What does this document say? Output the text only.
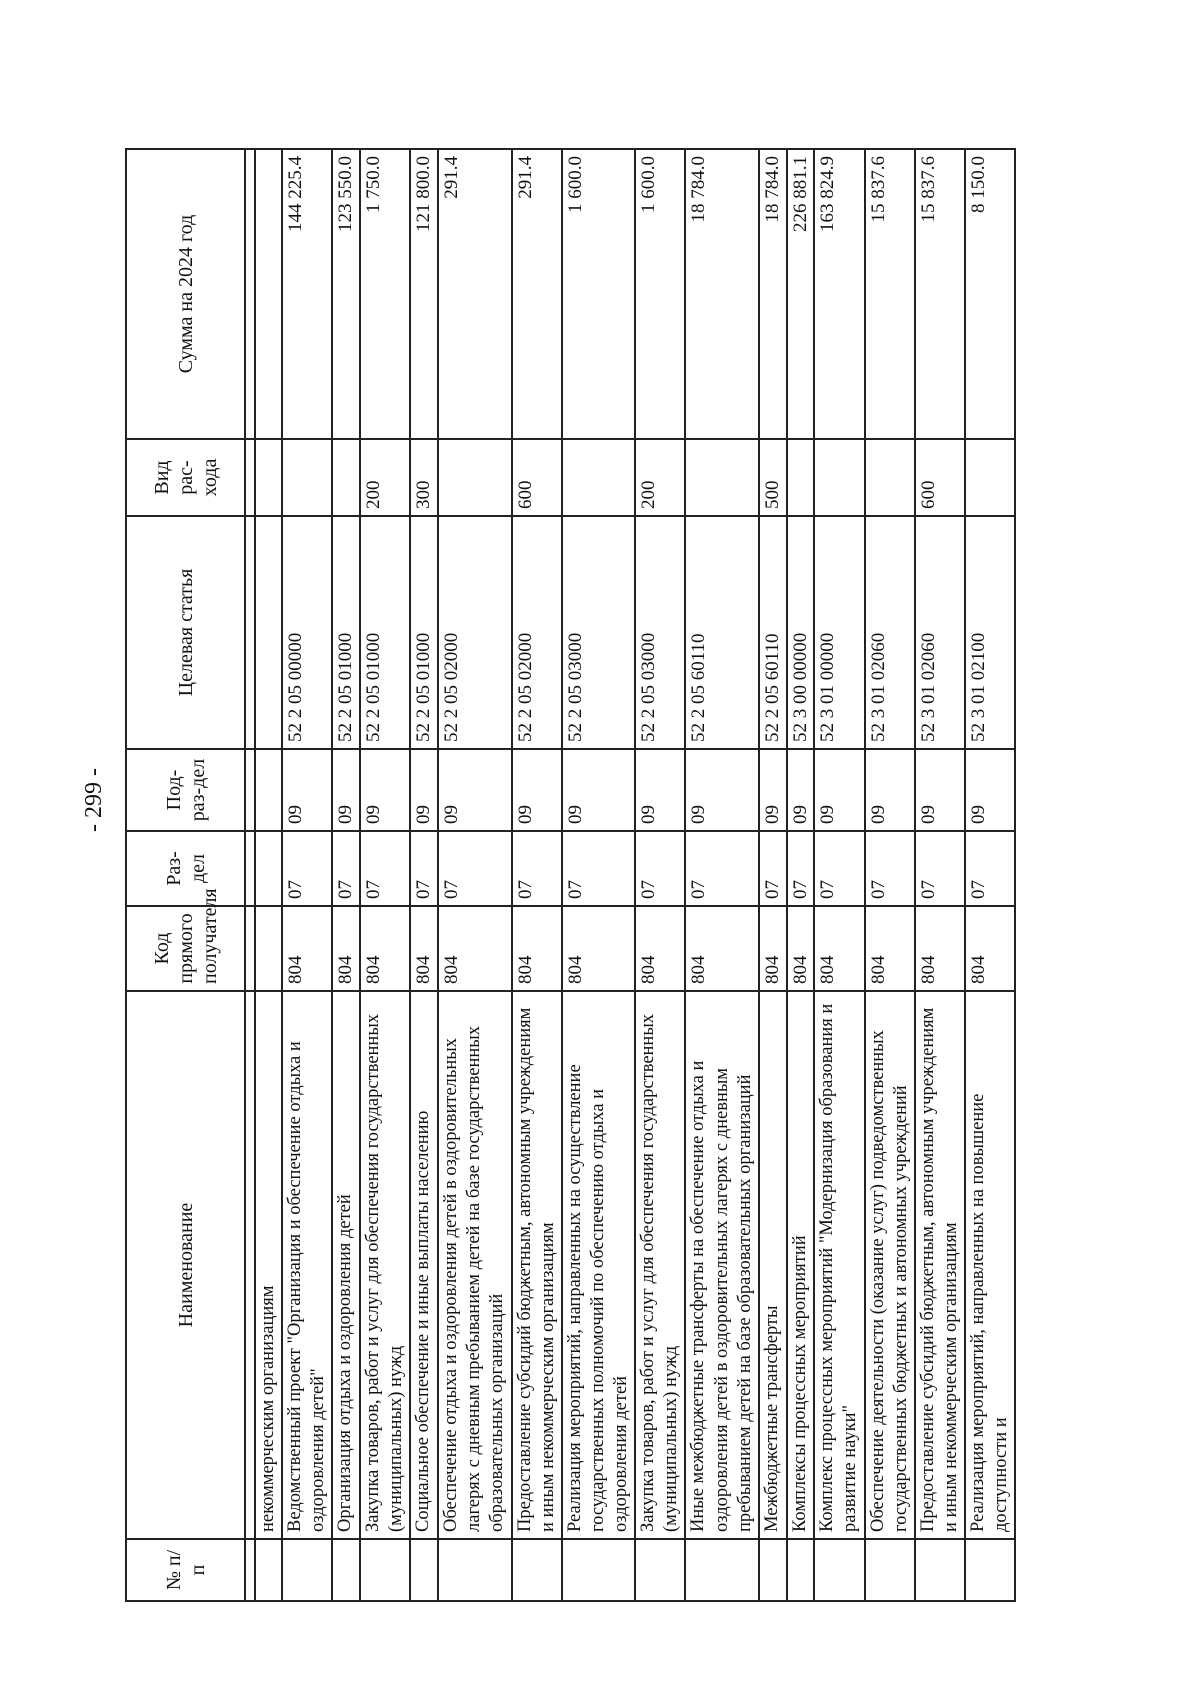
- 299 -
№ п/п	Наименование	Код прямого получателя	Раз-дел	Под-раз-дел	Целевая статья	Вид рас-хода	Сумма на 2024 год

	некоммерческим организациям						
	Ведомственный проект "Организация и обеспечение отдыха и оздоровления детей"	804	07	09	52 2 05 00000		144 225.4
	Организация отдыха и оздоровления детей	804	07	09	52 2 05 01000		123 550.0
	Закупка товаров, работ и услуг для обеспечения государственных (муниципальных) нужд	804	07	09	52 2 05 01000	200	1 750.0
	Социальное обеспечение и иные выплаты населению	804	07	09	52 2 05 01000	300	121 800.0
	Обеспечение отдыха и оздоровления детей в оздоровительных лагерях с дневным пребыванием детей на базе государственных образовательных организаций	804	07	09	52 2 05 02000		291.4
	Предоставление субсидий бюджетным, автономным учреждениям и иным некоммерческим организациям	804	07	09	52 2 05 02000	600	291.4
	Реализация мероприятий, направленных на осуществление государственных полномочий по обеспечению отдыха и оздоровления детей	804	07	09	52 2 05 03000		1 600.0
	Закупка товаров, работ и услуг для обеспечения государственных (муниципальных) нужд	804	07	09	52 2 05 03000	200	1 600.0
	Иные межбюджетные трансферты на обеспечение отдыха и оздоровления детей в оздоровительных лагерях с дневным пребыванием детей на базе образовательных организаций	804	07	09	52 2 05 60110		18 784.0
	Межбюджетные трансферты	804	07	09	52 2 05 60110	500	18 784.0
	Комплексы процессных мероприятий	804	07	09	52 3 00 00000		226 881.1
	Комплекс процессных мероприятий "Модернизация образования и развитие науки"	804	07	09	52 3 01 00000		163 824.9
	Обеспечение деятельности (оказание услуг) подведомственных государственных бюджетных и автономных учреждений	804	07	09	52 3 01 02060		15 837.6
	Предоставление субсидий бюджетным, автономным учреждениям и иным некоммерческим организациям	804	07	09	52 3 01 02060	600	15 837.6
	Реализация мероприятий, направленных на повышение доступности и	804	07	09	52 3 01 02100		8 150.0
